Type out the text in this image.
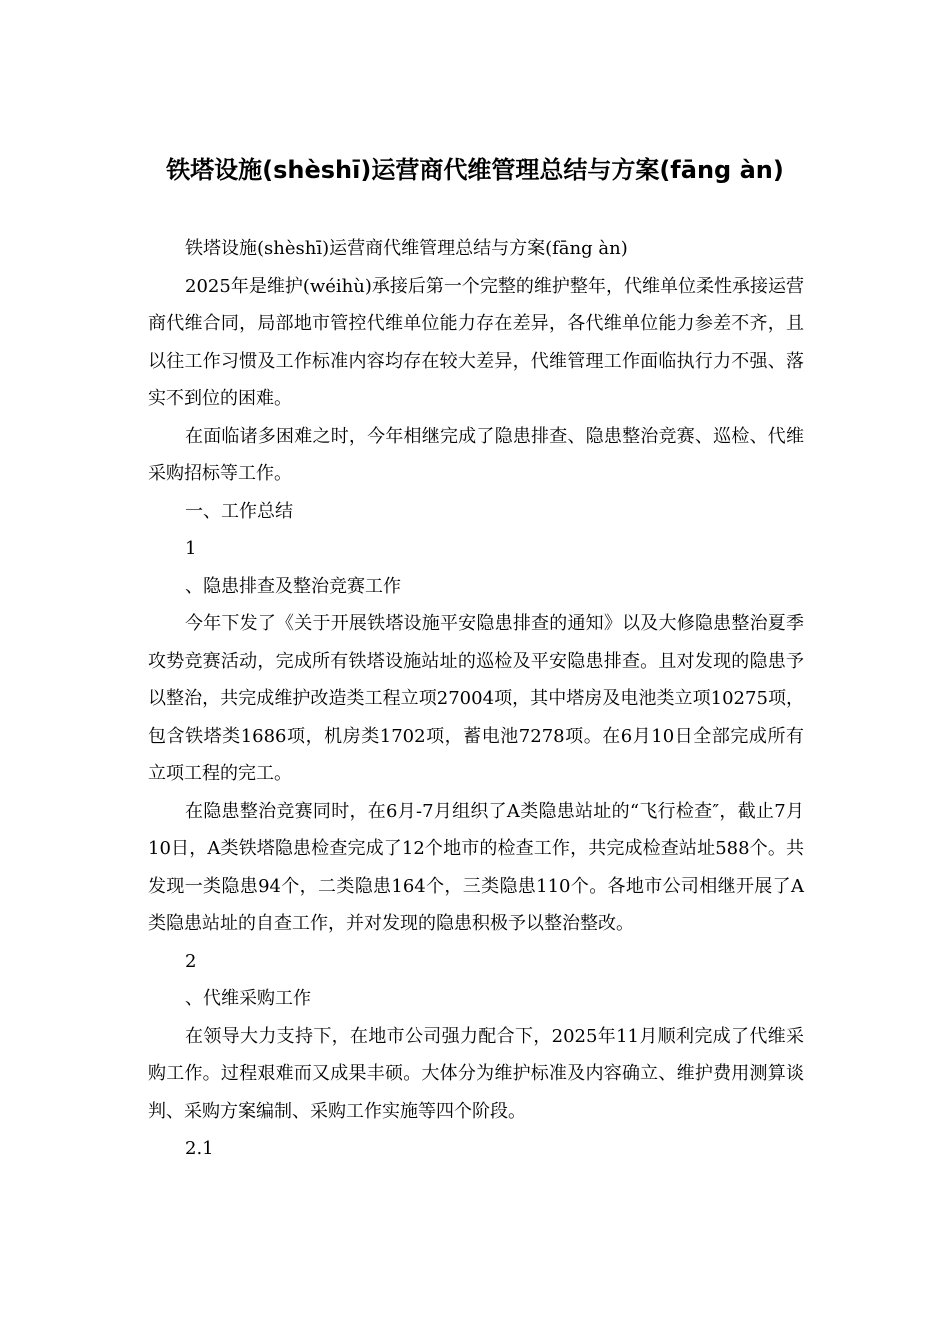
铁塔设施(shèshī)运营商代维管理总结与方案(fāng àn)

铁塔设施(shèshī)运营商代维管理总结与方案(fāng àn)

2025年是维护(wéihù)承接后第一个完整的维护整年，代维单位柔性承接运营商代维合同，局部地市管控代维单位能力存在差异，各代维单位能力参差不齐，且以往工作习惯及工作标准内容均存在较大差异，代维管理工作面临执行力不强、落实不到位的困难。

在面临诸多困难之时，今年相继完成了隐患排查、隐患整治竞赛、巡检、代维采购招标等工作。

一、工作总结

1

、隐患排查及整治竞赛工作

今年下发了《关于开展铁塔设施平安隐患排查的通知》以及大修隐患整治夏季攻势竞赛活动，完成所有铁塔设施站址的巡检及平安隐患排查。且对发现的隐患予以整治，共完成维护改造类工程立项27004项，其中塔房及电池类立项10275项，包含铁塔类1686项，机房类1702项，蓄电池7278项。在6月10日全部完成所有立项工程的完工。

在隐患整治竞赛同时，在6月-7月组织了A类隐患站址的“飞行检查″，截止7月10日，A类铁塔隐患检查完成了12个地市的检查工作，共完成检查站址588个。共发现一类隐患94个，二类隐患164个，三类隐患110个。各地市公司相继开展了A类隐患站址的自查工作，并对发现的隐患积极予以整治整改。

2

、代维采购工作

在领导大力支持下，在地市公司强力配合下，2025年11月顺利完成了代维采购工作。过程艰难而又成果丰硕。大体分为维护标准及内容确立、维护费用测算谈判、采购方案编制、采购工作实施等四个阶段。

2.1
